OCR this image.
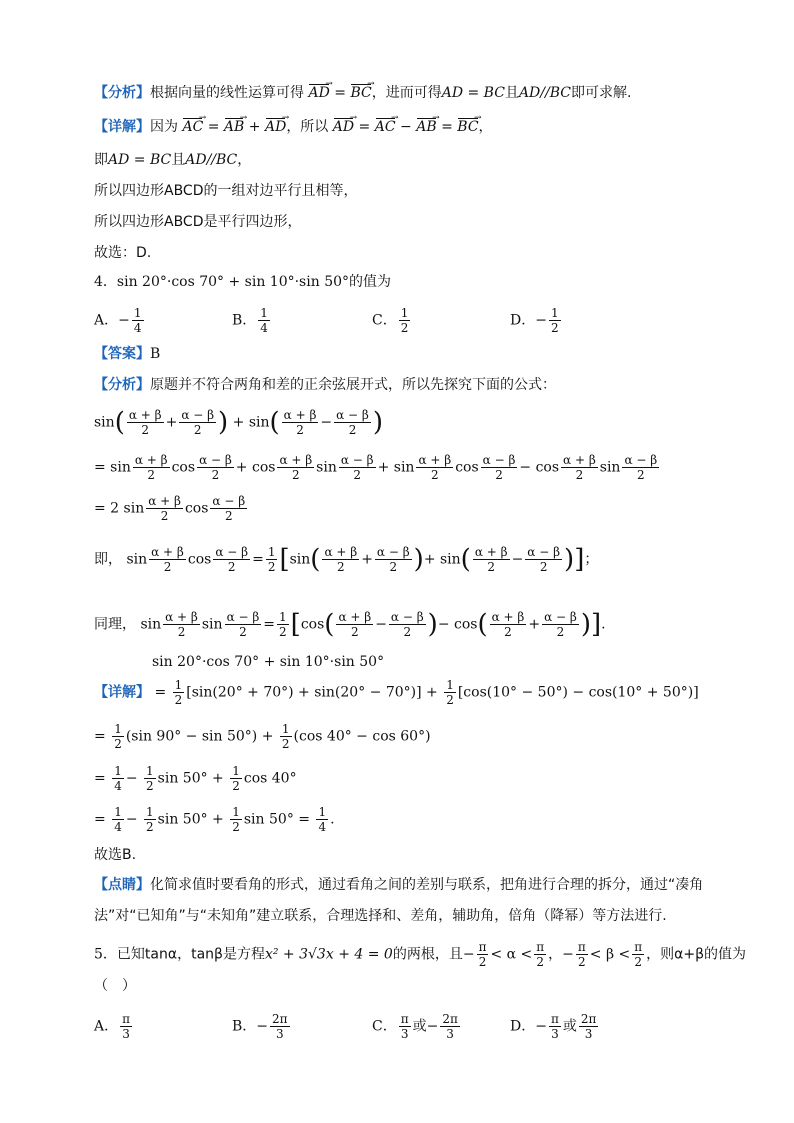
【分析】根据向量的线性运算可得 AD → = BC →，进而可得AD = BC且AD//BC即可求解.
【详解】因为 AC → = AB → + AD →，所以 AD → = AC → − AB → = BC →，
即AD = BC且AD//BC，
所以四边形ABCD的一组对边平行且相等，
所以四边形ABCD是平行四边形，
故选：D.
4．sin 20°·cos 70° + sin 10°·sin 50°的值为
A．− $\frac{1}{4}$	B． $\frac{1}{4}$	C． $\frac{1}{2}$	D．− $\frac{1}{2}$
【答案】B
【分析】原题并不符合两角和差的正余弦展开式，所以先探究下面的公式：
$\sin( \frac{\alpha + \beta}{2} + \frac{\alpha - \beta}{2}$ ) + $\sin( \frac{\alpha + \beta}{2} - \frac{\alpha - \beta}{2}$ )
= $\sin \frac{\alpha + \beta}{2}$ $\cos \frac{\alpha - \beta}{2} + \cos \frac{\alpha + \beta}{2}$ $\sin \frac{\alpha - \beta}{2} + \sin \frac{\alpha + \beta}{2}$ $\cos \frac{\alpha - \beta}{2} - \cos \frac{\alpha + \beta}{2}$ $\sin \frac{\alpha - \beta}{2}$
= 2 $\sin \frac{\alpha + \beta}{2}$ $\cos \frac{\alpha - \beta}{2}$
即， $\sin \frac{\alpha + \beta}{2}$ $\cos \frac{\alpha - \beta}{2} = \frac{1}{2} [\sin( \frac{\alpha + \beta}{2} + \frac{\alpha - \beta}{2}$ )+ $\sin( \frac{\alpha + \beta}{2} - \frac{\alpha - \beta}{2}$ )]；
同理， $\sin \frac{\alpha + \beta}{2}$ $\sin \frac{\alpha - \beta}{2} = \frac{1}{2} [\cos( \frac{\alpha + \beta}{2} - \frac{\alpha - \beta}{2}$ )− $\cos( \frac{\alpha + \beta}{2} + \frac{\alpha - \beta}{2}$ )].
sin 20°·cos 70° + sin 10°·sin 50°
【详解】 = $\frac{1}{2} [\sin(20^\circ + 70^\circ) + \sin(20^\circ - 70^\circ)] + \frac{1}{2} [\cos(10^\circ - 50^\circ) - \cos(10^\circ + 50^\circ)]$
= $\frac{1}{2} (\sin$ $90^\circ - \sin 50^\circ) + \frac{1}{2} (\cos$ 40° − cos 60°)
= $\frac{1}{4} - \frac{1}{2}$ $\sin 50^\circ + \frac{1}{2}$ cos 40°
= $\frac{1}{4} - \frac{1}{2}$ $\sin 50^\circ + \frac{1}{2}$ $\sin 50^\circ = \frac{1}{4}$ .
故选B.
【点睛】化简求值时要看角的形式，通过看角之间的差别与联系，把角进行合理的拆分，通过“凑角
法”对“已知角”与“未知角”建立联系，合理选择和、差角，辅助角，倍角（降幂）等方法进行.
5．已知tanα，tanβ是方程x² + 3√3x + 4 = 0的两根，且− $\frac{\pi}{2} < \alpha < \frac{\pi}{2}$ ，− $\frac{\pi}{2} < \beta < \frac{\pi}{2}$ ，则α+β的值为
（　）
A． $\frac{\pi}{3}$	B．− $\frac{2\pi}{3}$	C． $\frac{\pi}{3}$ 或− $\frac{2\pi}{3}$	D．− $\frac{\pi}{3}$ 或 $\frac{2\pi}{3}$
